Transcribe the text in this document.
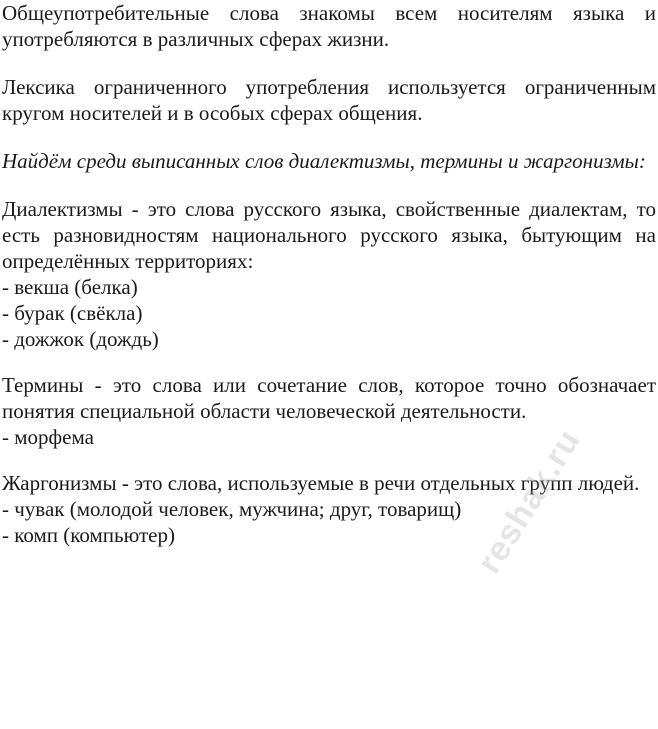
Общеупотребительные слова знакомы всем носителям языка и употребляются в различных сферах жизни.

Лексика ограниченного употребления используется ограниченным кругом носителей и в особых сферах общения.

Найдём среди выписанных слов диалектизмы, термины и жаргонизмы:

Диалектизмы - это слова русского языка, свойственные диалектам, то есть разновидностям национального русского языка, бытующим на определённых территориях:

- векша (белка)

- бурак (свёкла)

- дожжок (дождь)

Термины - это слова или сочетание слов, которое точно обозначает понятия специальной области человеческой деятельности.

- морфема

Жаргонизмы - это слова, используемые в речи отдельных групп людей.

- чувак (молодой человек, мужчина; друг, товарищ)

- комп (компьютер)	reshak.ru
